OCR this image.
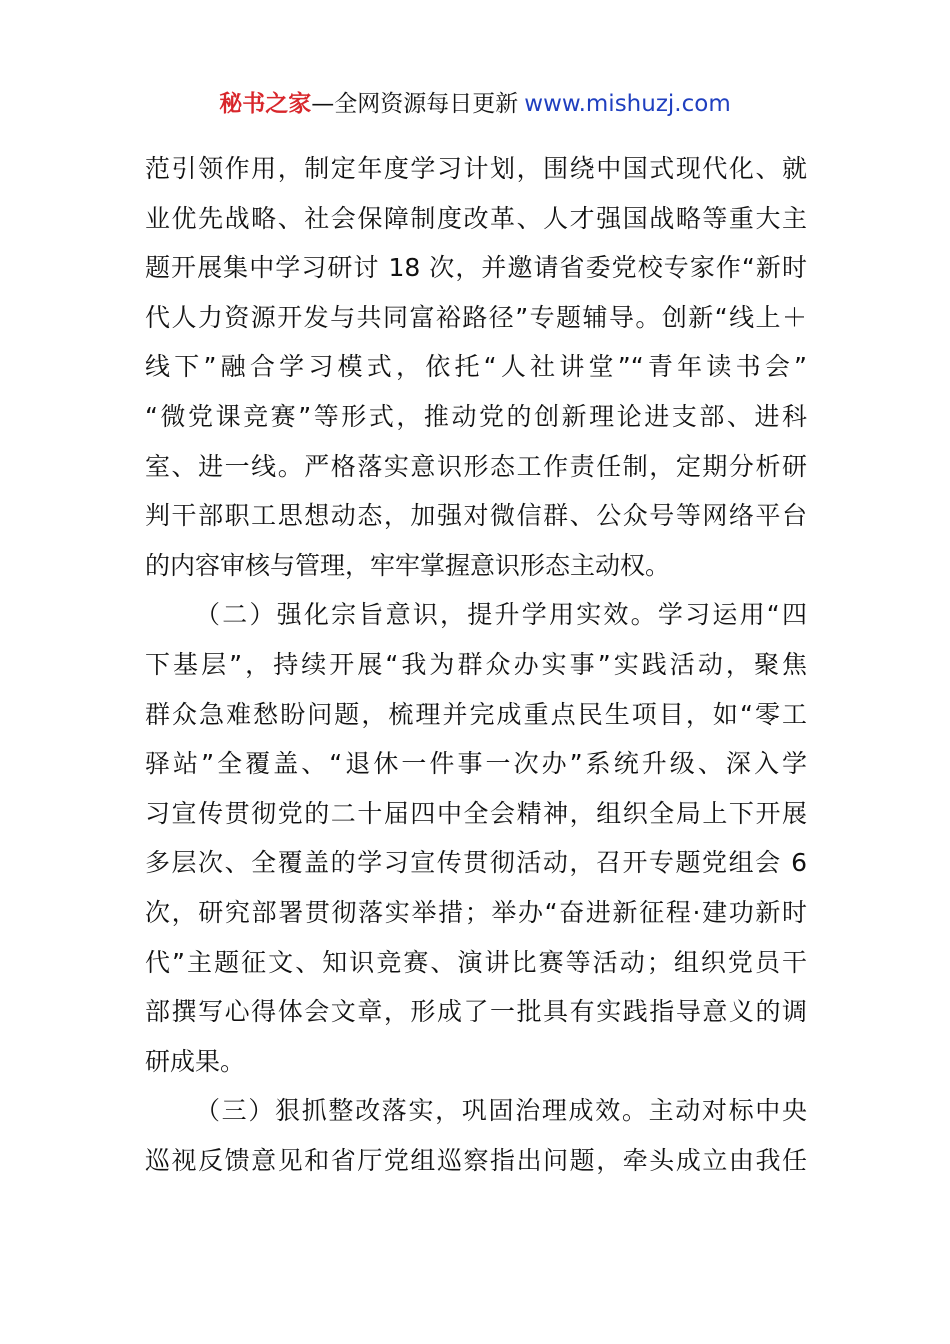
秘书之家—全网资源每日更新 www.mishuzj.com
范引领作用，制定年度学习计划，围绕中国式现代化、就
业优先战略、社会保障制度改革、人才强国战略等重大主
题开展集中学习研讨 18 次，并邀请省委党校专家作“新时
代人力资源开发与共同富裕路径”专题辅导。创新“线上＋
线下”融合学习模式，依托“人社讲堂”“青年读书会”
“微党课竞赛”等形式，推动党的创新理论进支部、进科
室、进一线。严格落实意识形态工作责任制，定期分析研
判干部职工思想动态，加强对微信群、公众号等网络平台
的内容审核与管理，牢牢掌握意识形态主动权。
（二）强化宗旨意识，提升学用实效。学习运用“四
下基层”，持续开展“我为群众办实事”实践活动，聚焦
群众急难愁盼问题，梳理并完成重点民生项目，如“零工
驿站”全覆盖、“退休一件事一次办”系统升级、深入学
习宣传贯彻党的二十届四中全会精神，组织全局上下开展
多层次、全覆盖的学习宣传贯彻活动，召开专题党组会 6
次，研究部署贯彻落实举措；举办“奋进新征程·建功新时
代”主题征文、知识竞赛、演讲比赛等活动；组织党员干
部撰写心得体会文章，形成了一批具有实践指导意义的调
研成果。
（三）狠抓整改落实，巩固治理成效。主动对标中央
巡视反馈意见和省厅党组巡察指出问题，牵头成立由我任
